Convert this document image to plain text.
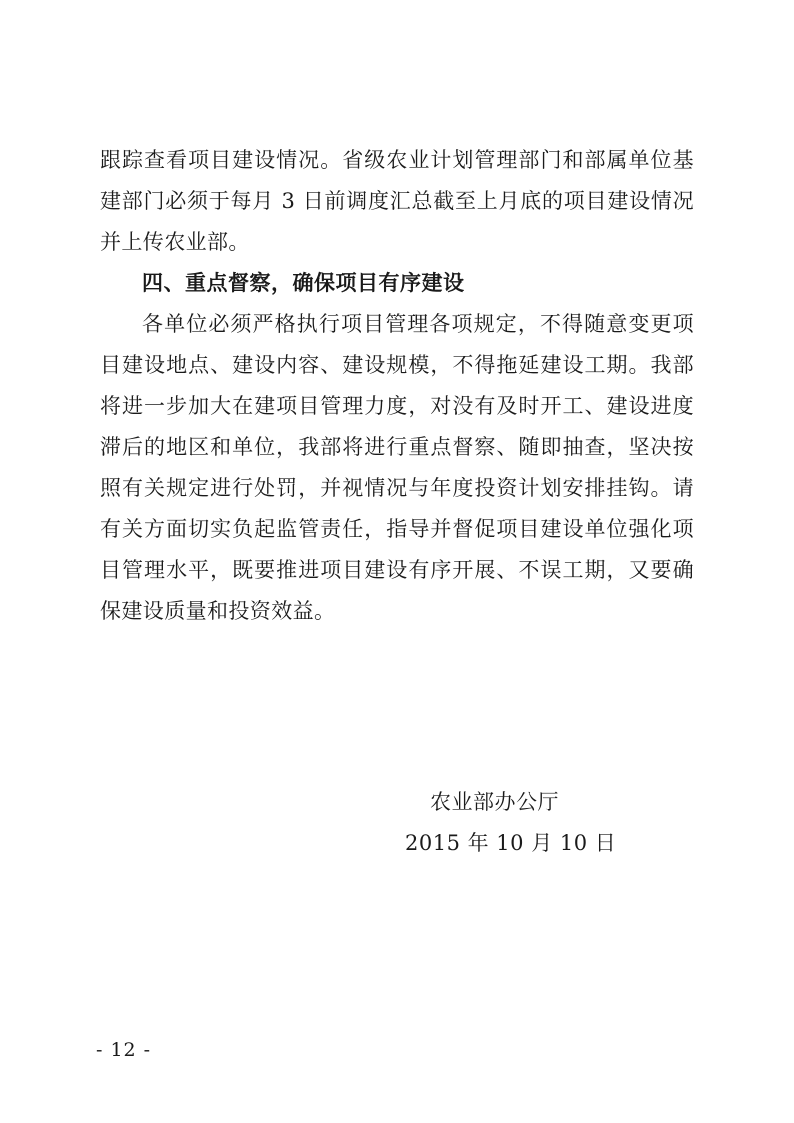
跟踪查看项目建设情况。省级农业计划管理部门和部属单位基建部门必须于每月 3 日前调度汇总截至上月底的项目建设情况并上传农业部。

四、重点督察，确保项目有序建设

各单位必须严格执行项目管理各项规定，不得随意变更项目建设地点、建设内容、建设规模，不得拖延建设工期。我部将进一步加大在建项目管理力度，对没有及时开工、建设进度滞后的地区和单位，我部将进行重点督察、随即抽查，坚决按照有关规定进行处罚，并视情况与年度投资计划安排挂钩。请有关方面切实负起监管责任，指导并督促项目建设单位强化项目管理水平，既要推进项目建设有序开展、不误工期，又要确保建设质量和投资效益。

农业部办公厅

2015 年 10 月 10 日

- 12 -
